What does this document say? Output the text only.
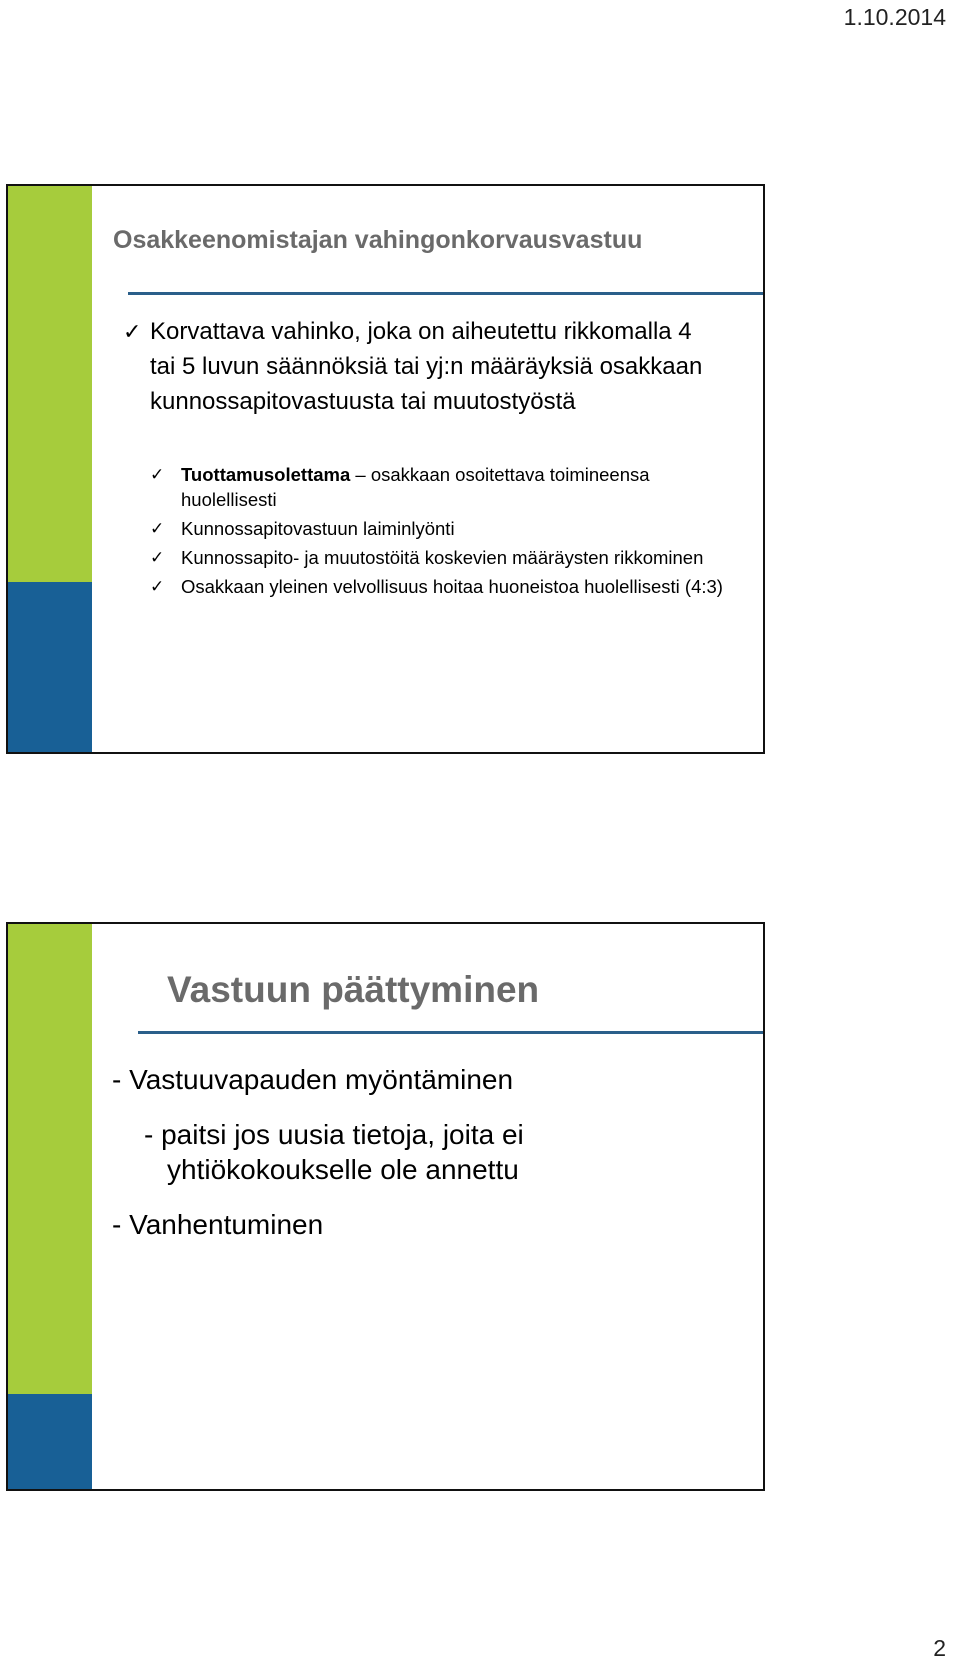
1.10.2014
Osakkeenomistajan vahingonkorvausvastuu
✓ Korvattava vahinko, joka on aiheutettu rikkomalla 4 tai 5 luvun säännöksiä tai yj:n määräyksiä osakkaan kunnossapitovastuusta tai muutostyöstä
✓ Tuottamusolettama – osakkaan osoitettava toimineensa huolellisesti
✓ Kunnossapitovastuun laiminlyönti
✓ Kunnossapito- ja muutostöitä koskevien määräysten rikkominen
✓ Osakkaan yleinen velvollisuus hoitaa huoneistoa huolellisesti (4:3)
Vastuun päättyminen
- Vastuuvapauden myöntäminen
- paitsi jos uusia tietoja, joita ei
yhtiökokoukselle ole annettu
- Vanhentuminen
2
